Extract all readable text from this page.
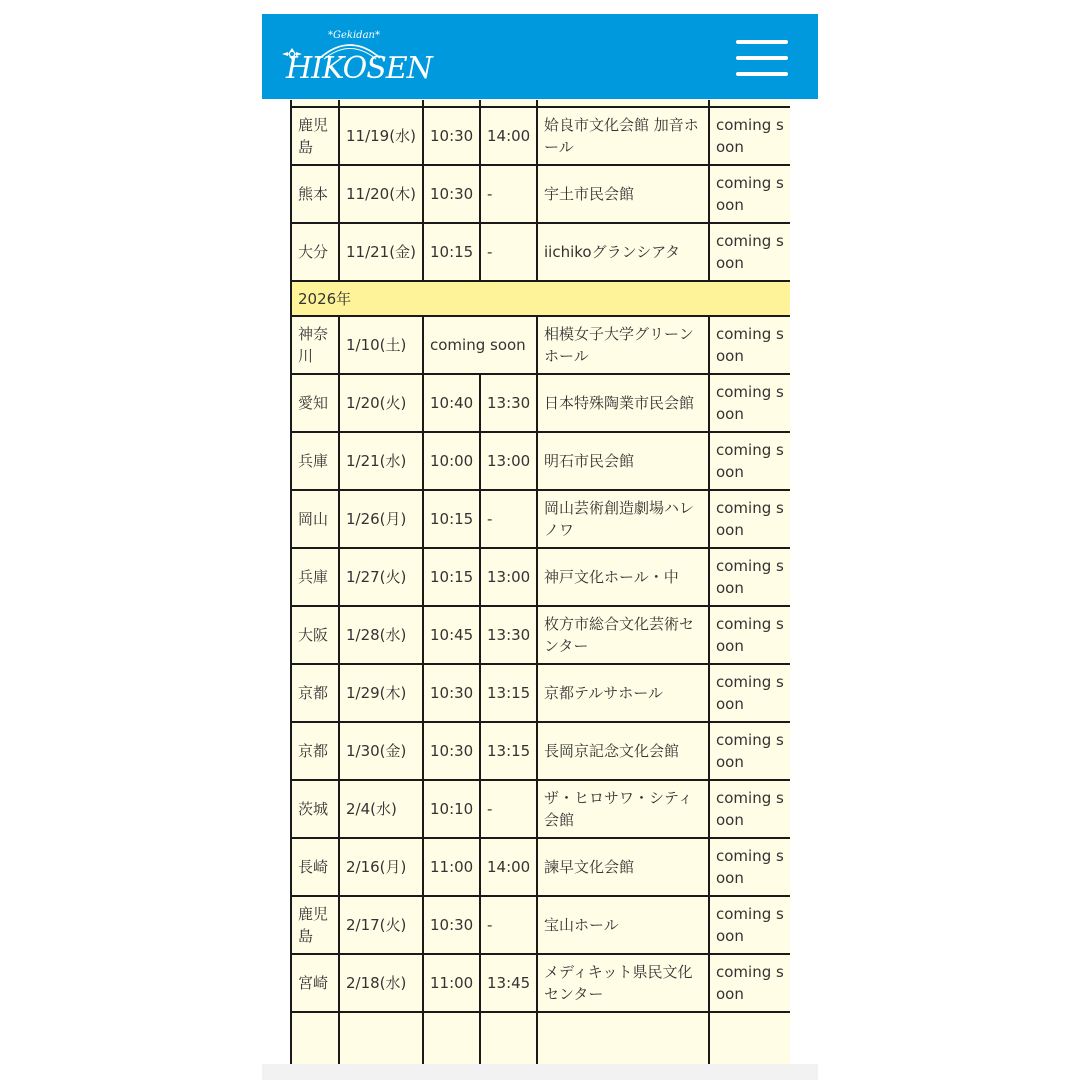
*Gekidan*
HIKOSEN

鹿児島	11/19(水)	10:30	14:00	姶良市文化会館 加音ホール	coming soon
熊本	11/20(木)	10:30	-	宇土市民会館	coming soon
大分	11/21(金)	10:15	-	iichikoグランシアタ	coming soon
2026年					
神奈川	1/10(土)	coming soon		相模女子大学グリーンホール	coming soon
愛知	1/20(火)	10:40	13:30	日本特殊陶業市民会館	coming soon
兵庫	1/21(水)	10:00	13:00	明石市民会館	coming soon
岡山	1/26(月)	10:15	-	岡山芸術創造劇場ハレノワ	coming soon
兵庫	1/27(火)	10:15	13:00	神戸文化ホール・中	coming soon
大阪	1/28(水)	10:45	13:30	枚方市総合文化芸術センター	coming soon
京都	1/29(木)	10:30	13:15	京都テルサホール	coming soon
京都	1/30(金)	10:30	13:15	長岡京記念文化会館	coming soon
茨城	2/4(水)	10:10	-	ザ・ヒロサワ・シティ会館	coming soon
長崎	2/16(月)	11:00	14:00	諫早文化会館	coming soon
鹿児島	2/17(火)	10:30	-	宝山ホール	coming soon
宮崎	2/18(水)	11:00	13:45	メディキット県民文化センター	coming soon
